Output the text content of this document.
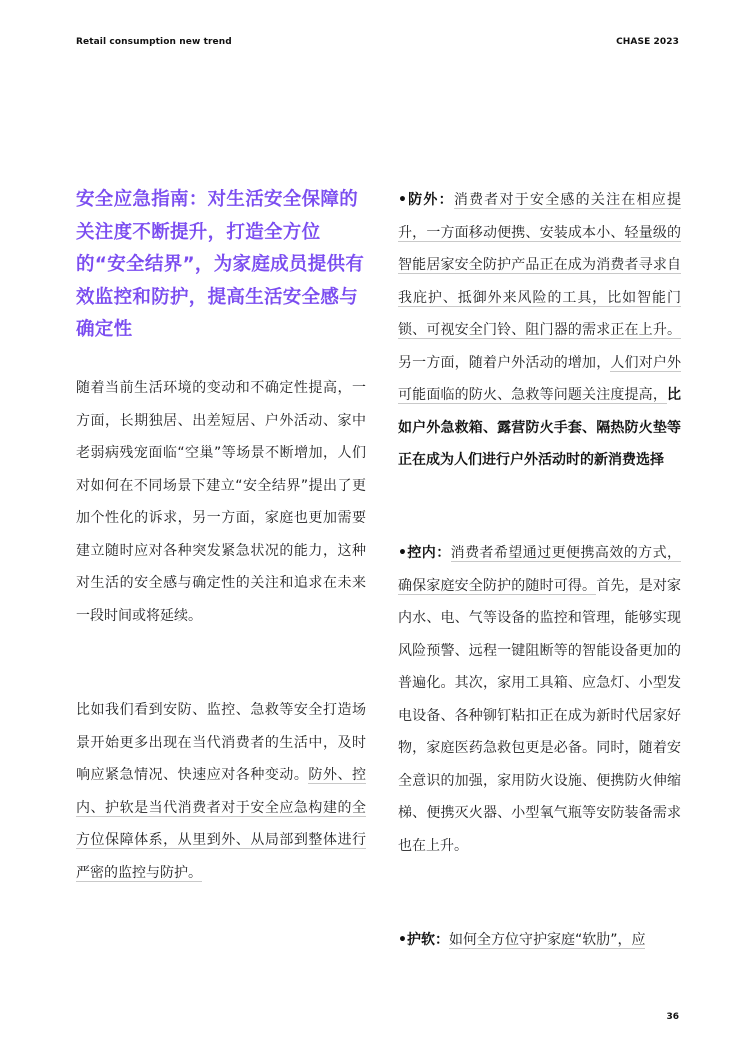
Retail consumption new trend	CHASE 2023
安全应急指南：对生活安全保障的关注度不断提升，打造全方位的“安全结界”，为家庭成员提供有效监控和防护，提高生活安全感与确定性
随着当前生活环境的变动和不确定性提高，一方面，长期独居、出差短居、户外活动、家中老弱病残宠面临“空巢”等场景不断增加，人们对如何在不同场景下建立“安全结界”提出了更加个性化的诉求，另一方面，家庭也更加需要建立随时应对各种突发紧急状况的能力，这种对生活的安全感与确定性的关注和追求在未来一段时间或将延续。
比如我们看到安防、监控、急救等安全打造场景开始更多出现在当代消费者的生活中，及时响应紧急情况、快速应对各种变动。防外、控内、护软是当代消费者对于安全应急构建的全方位保障体系，从里到外、从局部到整体进行严密的监控与防护。
•防外：消费者对于安全感的关注在相应提升，一方面移动便携、安装成本小、轻量级的智能居家安全防护产品正在成为消费者寻求自我庇护、抵御外来风险的工具，比如智能门锁、可视安全门铃、阻门器的需求正在上升。另一方面，随着户外活动的增加，人们对户外可能面临的防火、急救等问题关注度提高，比如户外急救箱、露营防火手套、隔热防火垫等正在成为人们进行户外活动时的新消费选择
•控内：消费者希望通过更便携高效的方式，确保家庭安全防护的随时可得。首先，是对家内水、电、气等设备的监控和管理，能够实现风险预警、远程一键阻断等的智能设备更加的普遍化。其次，家用工具箱、应急灯、小型发电设备、各种铆钉粘扣正在成为新时代居家好物，家庭医药急救包更是必备。同时，随着安全意识的加强，家用防火设施、便携防火伸缩梯、便携灭火器、小型氧气瓶等安防装备需求也在上升。
•护软：如何全方位守护家庭“软肋”，应
36
